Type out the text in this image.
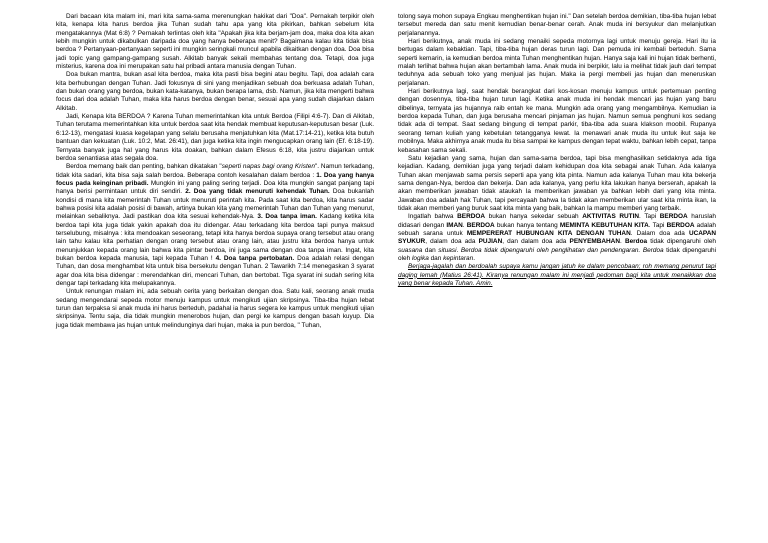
Dari bacaan kita malam ini, mari kita sama-sama merenungkan hakikat dari "Doa". Pernakah terpikir oleh kita, kenapa kita harus berdoa jika Tuhan sudah tahu apa yang kita pikirkan, bahkan sebelum kita mengatakannya (Mat 6:8) ? Pernakah terlintas oleh kita "Apakah jika kita berjam-jam doa, maka doa kita akan lebih mungkin untuk dikabulkan daripada doa yang hanya beberapa menit? Bagaimana kalau kita tidak bisa berdoa ? Pertanyaan-pertanyaan seperti ini mungkin seringkali muncul apabila dikaitkan dengan doa. Doa bisa jadi topic yang gampang-gampang susah. Alkitab banyak sekali membahas tentang doa. Tetapi, doa juga misterius, karena doa ini merupakan satu hal pribadi antara manusia dengan Tuhan.

Doa bukan mantra, bukan asal kita berdoa, maka kita pasti bisa begini atau begitu. Tapi, doa adalah cara kita berhubungan dengan Tuhan. Jadi fokusnya di sini yang menjadikan sebuah doa berkuasa adalah Tuhan, dan bukan orang yang berdoa, bukan kata-katanya, bukan berapa lama, dsb. Namun, jika kita mengerti bahwa focus dari doa adalah Tuhan, maka kita harus berdoa dengan benar, sesuai apa yang sudah diajarkan dalam Alkitab.

Jadi, Kenapa kita BERDOA ? Karena Tuhan memerintahkan kita untuk Berdoa (Filipi 4:6-7). Dan di Alkitab, Tuhan terutama memerintahkan kita untuk berdoa saat kita hendak membuat keputusan-keputusan besar (Luk. 6:12-13), mengatasi kuasa kegelapan yang selalu berusaha menjatuhkan kita (Mat.17:14-21), ketika kita butuh bantuan dan kekuatan (Luk. 10:2, Mat. 26:41), dan juga ketika kita ingin mengucapkan orang lain (Ef. 6:18-19). Ternyata banyak juga hal yang harus kita doakan, bahkan dalam Efesus 6:18, kita justru diajarkan untuk berdoa senantiasa atas segala doa.

Berdoa memang baik dan penting, bahkan dikatakan "seperti napas bagi orang Kristen". Namun terkadang, tidak kita sadari, kita bisa saja salah berdoa. Beberapa contoh kesalahan dalam berdoa : 1. Doa yang hanya focus pada keinginan pribadi. Mungkin ini yang paling sering terjadi. Doa kita mungkin sangat panjang tapi hanya berisi permintaan untuk diri sendiri. 2. Doa yang tidak menuruti kehendak Tuhan. Doa bukanlah kondisi di mana kita memerintah Tuhan untuk menuruti perintah kita. Pada saat kita berdoa, kita harus sadar bahwa posisi kita adalah posisi di bawah, artinya bukan kita yang memerintah Tuhan dan Tuhan yang menurut, melainkan sebaliknya. Jadi pastikan doa kita sesuai kehendak-Nya. 3. Doa tanpa iman. Kadang ketika kita berdoa tapi kita juga tidak yakin apakah doa itu didengar. Atau terkadang kita berdoa tapi punya maksud terselubung, misalnya : kita mendoakan seseorang, tetapi kita hanya berdoa supaya orang tersebut atau orang lain tahu kalau kita perhatian dengan orang tersebut atau orang lain, atau justru kita berdoa hanya untuk menunjukkan kepada orang lain bahwa kita pintar berdoa, ini juga sama dengan doa tanpa iman. Ingat, kita bukan berdoa kepada manusia, tapi kepada Tuhan ! 4. Doa tanpa pertobatan. Doa adalah relasi dengan Tuhan, dan dosa menghambat kita untuk bisa bersekutu dengan Tuhan. 2 Tawarikh 7:14 menegaskan 3 syarat agar doa kita bisa didengar : merendahkan diri, mencari Tuhan, dan bertobat. Tiga syarat ini sudah sering kita dengar tapi terkadang kita melupakannya.

Untuk renungan malam ini, ada sebuah cerita yang berkaitan dengan doa. Satu kali, seorang anak muda sedang mengendarai sepeda motor menuju kampus untuk mengikuti ujian skripsinya. Tiba-tiba hujan lebat turun dan terpaksa si anak muda ini harus berteduh, padahal ia harus segera ke kampus untuk mengikuti ujian skripsinya. Tentu saja, dia tidak mungkin menerobos hujan, dan pergi ke kampus dengan basah kuyup. Dia juga tidak membawa jas hujan untuk melindunginya dari hujan, maka ia pun berdoa, " Tuhan,

tolong saya mohon supaya Engkau menghentikan hujan ini." Dan setelah berdoa demikian, tiba-tiba hujan lebat tersebut mereda dan satu menit kemudian benar-benar cerah. Anak muda ini bersyukur dan melanjutkan perjalanannya.

Hari berikutnya, anak muda ini sedang menaiki sepeda motornya lagi untuk menuju gereja. Hari itu ia bertugas dalam kebaktian. Tapi, tiba-tiba hujan deras turun lagi. Dan pemuda ini kembali berteduh. Sama seperti kemarin, ia kemudian berdoa minta Tuhan menghentikan hujan. Hanya saja kali ini hujan tidak berhenti, malah terlihat bahwa hujan akan bertambah lama. Anak muda ini berpikir, lalu ia melihat tidak jauh dari tempat teduhnya ada sebuah toko yang menjual jas hujan. Maka ia pergi membeli jas hujan dan meneruskan perjalanan.

Hari berikutnya lagi, saat hendak berangkat dari kos-kosan menuju kampus untuk pertemuan penting dengan dosennya, tiba-tiba hujan turun lagi. Ketika anak muda ini hendak mencari jas hujan yang baru dibelinya, ternyata jas hujannya raib entah ke mana. Mungkin ada orang yang mengambilnya. Kemudian ia berdoa kepada Tuhan, dan juga berusaha mencari pinjaman jas hujan. Namun semua penghuni kos sedang tidak ada di tempat. Saat sedang bingung di tempat parkir, tiba-tiba ada suara klakson moobil. Rupanya seorang teman kuliah yang kebetulan tetangganya lewat. Ia menawari anak muda itu untuk ikut saja ke mobilnya. Maka akhirnya anak muda itu bisa sampai ke kampus dengan tepat waktu, bahkan lebih cepat, tanpa kebasahan sama sekali.

Satu kejadian yang sama, hujan dan sama-sama berdoa, tapi bisa menghasilkan setidaknya ada tiga kejadian. Kadang, demikian juga yang terjadi dalam kehidupan doa kita sebagai anak Tuhan. Ada kalanya Tuhan akan menjawab sama persis seperti apa yang kita pinta. Namun ada kalanya Tuhan mau kita bekerja sama dengan-Nya, berdoa dan bekerja. Dan ada kalanya, yang perlu kita lakukan hanya berserah, apakah Ia akan memberikan jawaban tidak ataukah Ia memberikan jawaban ya bahkan lebih dari yang kita minta. Jawaban doa adalah hak Tuhan, tapi percayaah bahwa Ia tidak akan memberikan ular saat kita minta ikan, Ia tidak akan memberi yang buruk saat kita minta yang baik, bahkan Ia mampu memberi yang terbaik.

Ingatlah bahwa BERDOA bukan hanya sekedar sebuah AKTIVITAS RUTIN. Tapi BERDOA haruslah didasari dengan IMAN. BERDOA bukan hanya tentang MEMINTA KEBUTUHAN KITA. Tapi BERDOA adalah sebuah sarana untuk MEMPERERAT HUBUNGAN KITA DENGAN TUHAN. Dalam doa ada UCAPAN SYUKUR, dalam doa ada PUJIAN, dan dalam doa ada PENYEMBAHAN. Berdoa tidak dipengaruhi oleh suasana dan situasi. Berdoa tidak dipengaruhi oleh penglihatan dan pendengaran. Berdoa tidak dipengaruhi oleh logika dan kepintaran.

Berjaga-jagalah dan berdoalah supaya kamu jangan jatuh ke dalam pencobaan; roh memang penurut tapi daging lemah (Matius 26:41). Kiranya renungan malam ini menjadi pedoman bagi kita untuk menaikkan doa yang benar kepada Tuhan. Amin.
